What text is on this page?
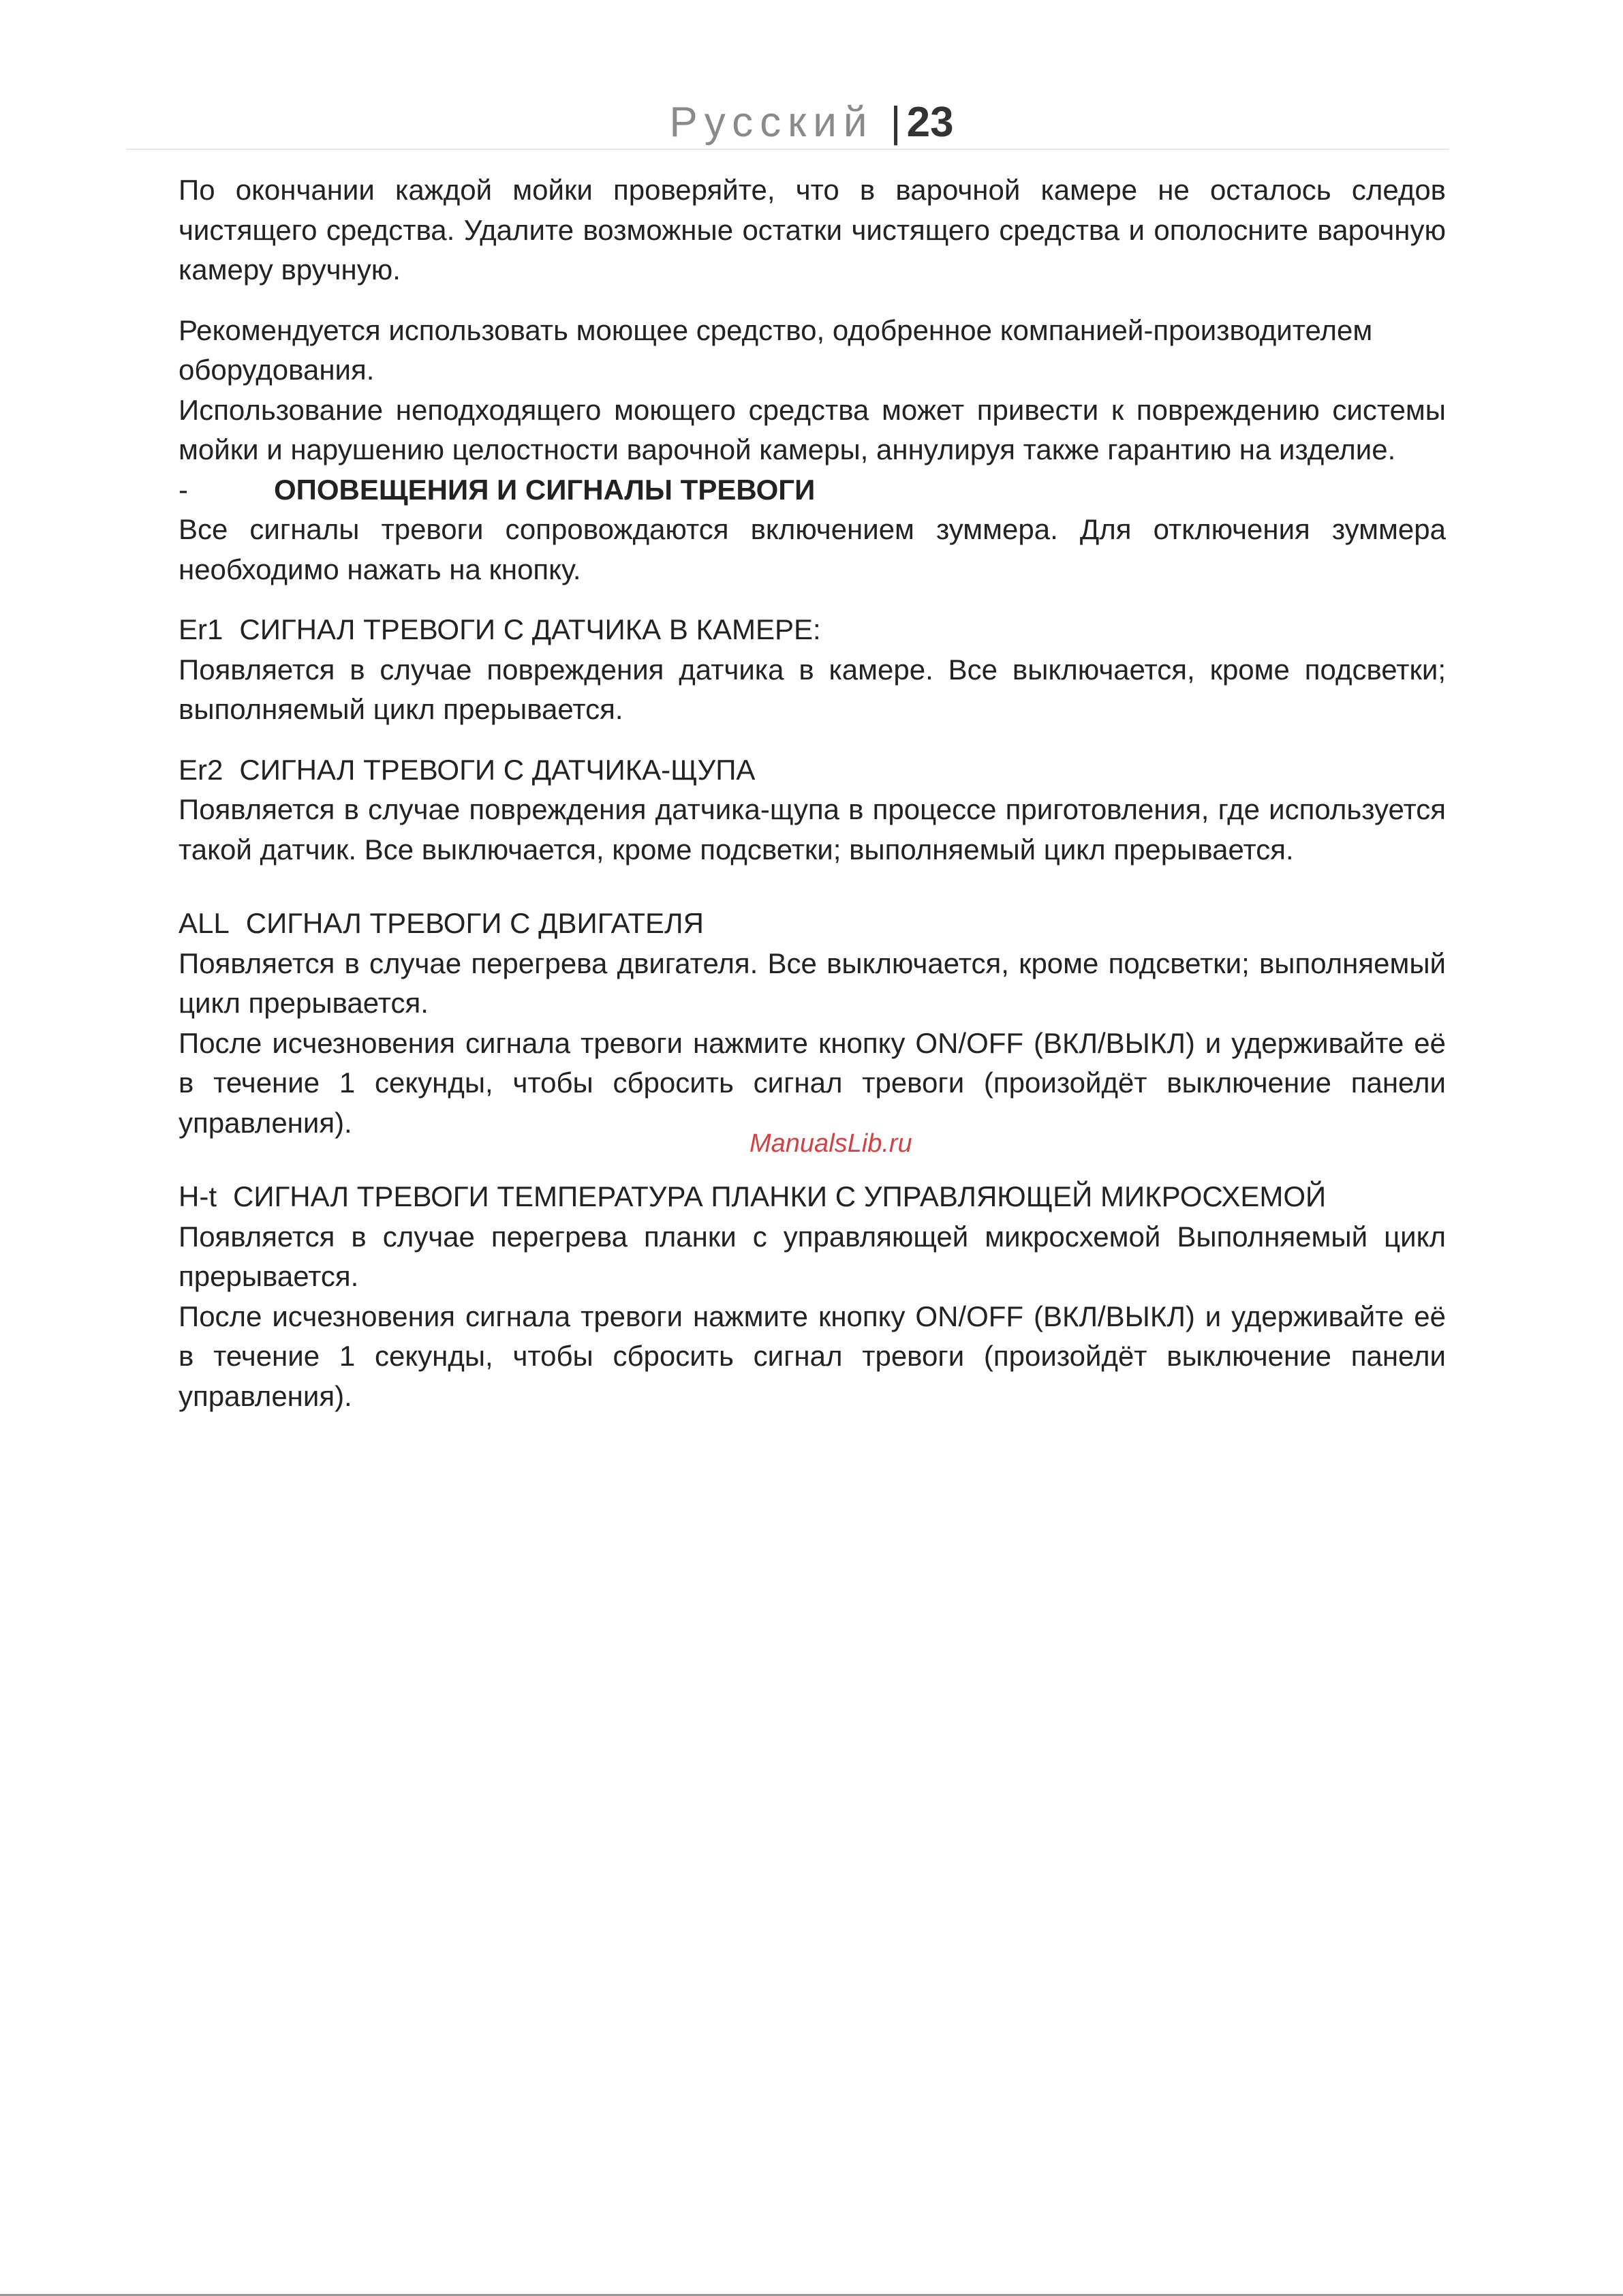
Русский | 23

По окончании каждой мойки проверяйте, что в варочной камере не осталось следов чистящего средства. Удалите возможные остатки чистящего средства и ополосните варочную камеру вручную.

Рекомендуется использовать моющее средство, одобренное компанией-производителем оборудования.

Использование неподходящего моющего средства может привести к повреждению системы мойки и нарушению целостности варочной камеры, аннулируя также гарантию на изделие.

-	ОПОВЕЩЕНИЯ И СИГНАЛЫ ТРЕВОГИ

Все сигналы тревоги сопровождаются включением зуммера. Для отключения зуммера необходимо нажать на кнопку.

Er1 СИГНАЛ ТРЕВОГИ С ДАТЧИКА В КАМЕРЕ:

Появляется в случае повреждения датчика в камере. Все выключается, кроме подсветки; выполняемый цикл прерывается.

Er2 СИГНАЛ ТРЕВОГИ С ДАТЧИКА-ЩУПА

Появляется в случае повреждения датчика-щупа в процессе приготовления, где используется такой датчик. Все выключается, кроме подсветки; выполняемый цикл прерывается.

ALL СИГНАЛ ТРЕВОГИ С ДВИГАТЕЛЯ

Появляется в случае перегрева двигателя. Все выключается, кроме подсветки; выполняемый цикл прерывается.

После исчезновения сигнала тревоги нажмите кнопку ON/OFF (ВКЛ/ВЫКЛ) и удерживайте её в течение 1 секунды, чтобы сбросить сигнал тревоги (произойдёт выключение панели управления).

H-t СИГНАЛ ТРЕВОГИ ТЕМПЕРАТУРА ПЛАНКИ С УПРАВЛЯЮЩЕЙ МИКРОСХЕМОЙ

Появляется в случае перегрева планки с управляющей микросхемой Выполняемый цикл прерывается.

После исчезновения сигнала тревоги нажмите кнопку ON/OFF (ВКЛ/ВЫКЛ) и удерживайте её в течение 1 секунды, чтобы сбросить сигнал тревоги (произойдёт выключение панели управления).

ManualsLib.ru
